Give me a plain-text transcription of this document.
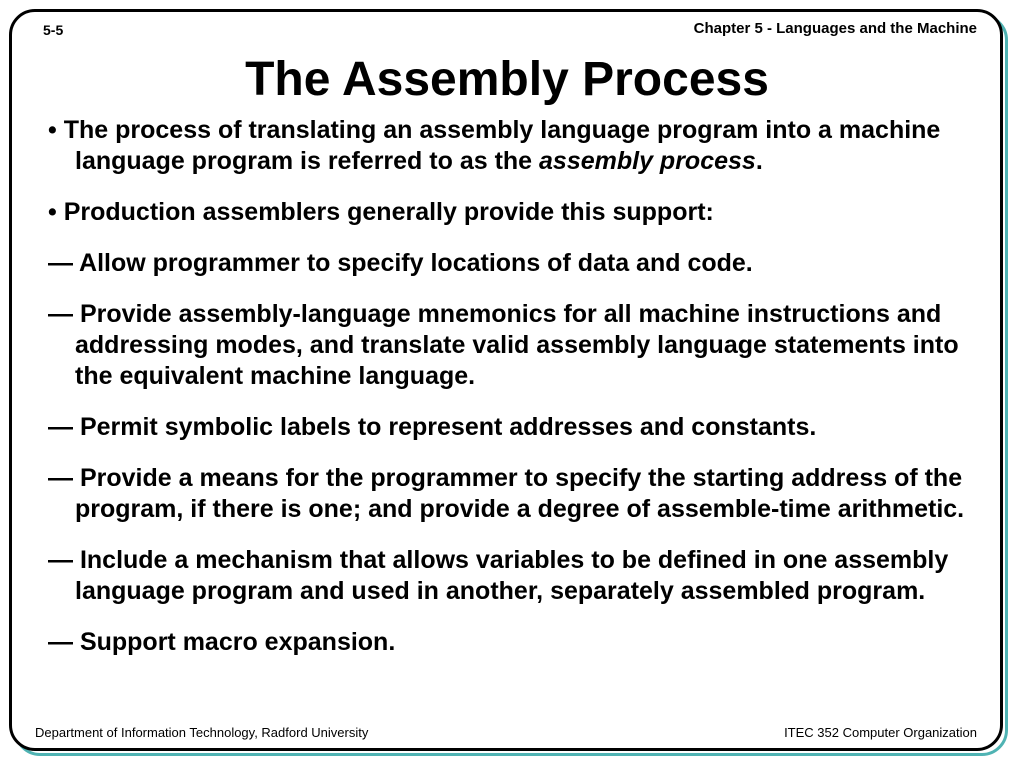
5-5	Chapter 5 - Languages and the Machine
The Assembly Process

• The process of translating an assembly language program into a machine language program is referred to as the assembly process.

• Production assemblers generally provide this support:

— Allow programmer to specify locations of data and code.

— Provide assembly-language mnemonics for all machine instructions and addressing modes, and translate valid assembly language statements into the equivalent machine language.

— Permit symbolic labels to represent addresses and constants.

— Provide a means for the programmer to specify the starting address of the program, if there is one; and provide a degree of assemble-time arithmetic.

— Include a mechanism that allows variables to be defined in one assembly language program and used in another, separately assembled program.

— Support macro expansion.

Department of Information Technology, Radford University	ITEC 352 Computer Organization
